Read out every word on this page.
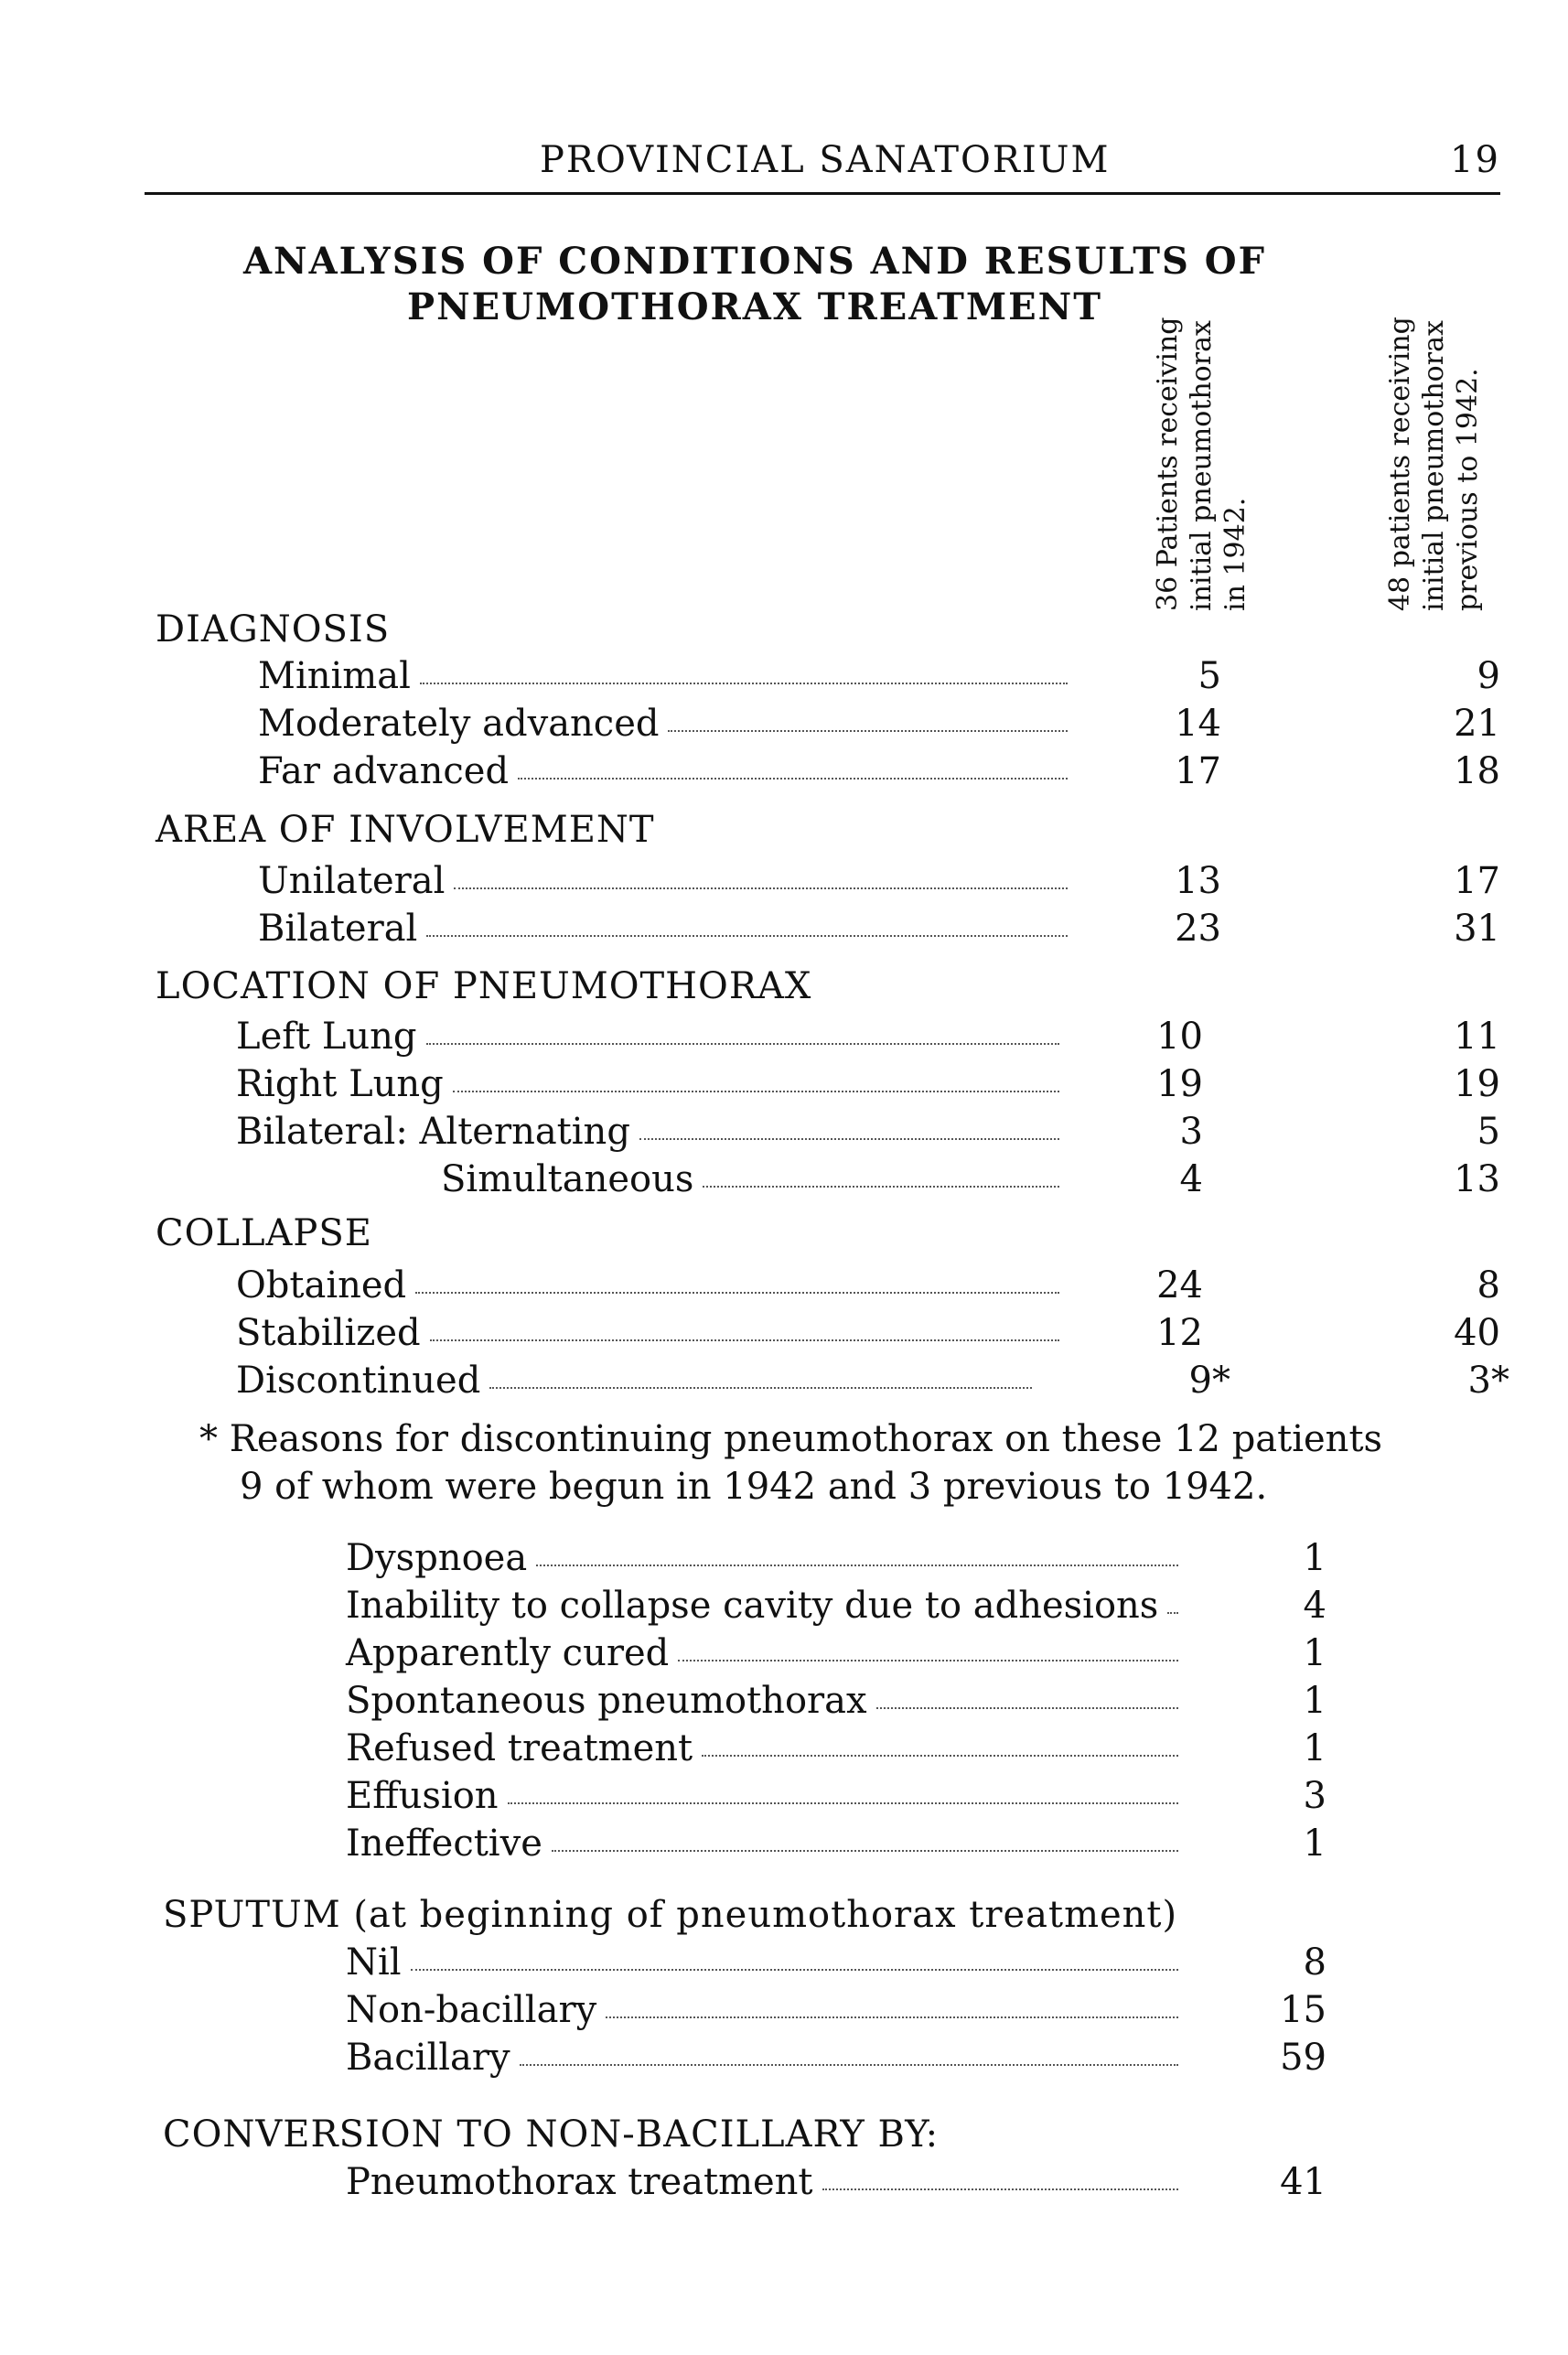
PROVINCIAL SANATORIUM	19
ANALYSIS OF CONDITIONS AND RESULTS OF
PNEUMOTHORAX TREATMENT
36 Patients receiving initial pneumothorax in 1942.	48 patients receiving initial pneumothorax previous to 1942.
DIAGNOSIS
Minimal	5	9
Moderately advanced	14	21
Far advanced	17	18
AREA OF INVOLVEMENT
Unilateral	13	17
Bilateral	23	31
LOCATION OF PNEUMOTHORAX
Left Lung	10	11
Right Lung	19	19
Bilateral: Alternating	3	5
Simultaneous	4	13
COLLAPSE
Obtained	24	8
Stabilized	12	40
Discontinued	9*	3*
* Reasons for discontinuing pneumothorax on these 12 patients
9 of whom were begun in 1942 and 3 previous to 1942.
Dyspnoea	1
Inability to collapse cavity due to adhesions	4
Apparently cured	1
Spontaneous pneumothorax	1
Refused treatment	1
Effusion	3
Ineffective	1
SPUTUM (at beginning of pneumothorax treatment)
Nil	8
Non-bacillary	15
Bacillary	59
CONVERSION TO NON-BACILLARY BY:
Pneumothorax treatment	41
